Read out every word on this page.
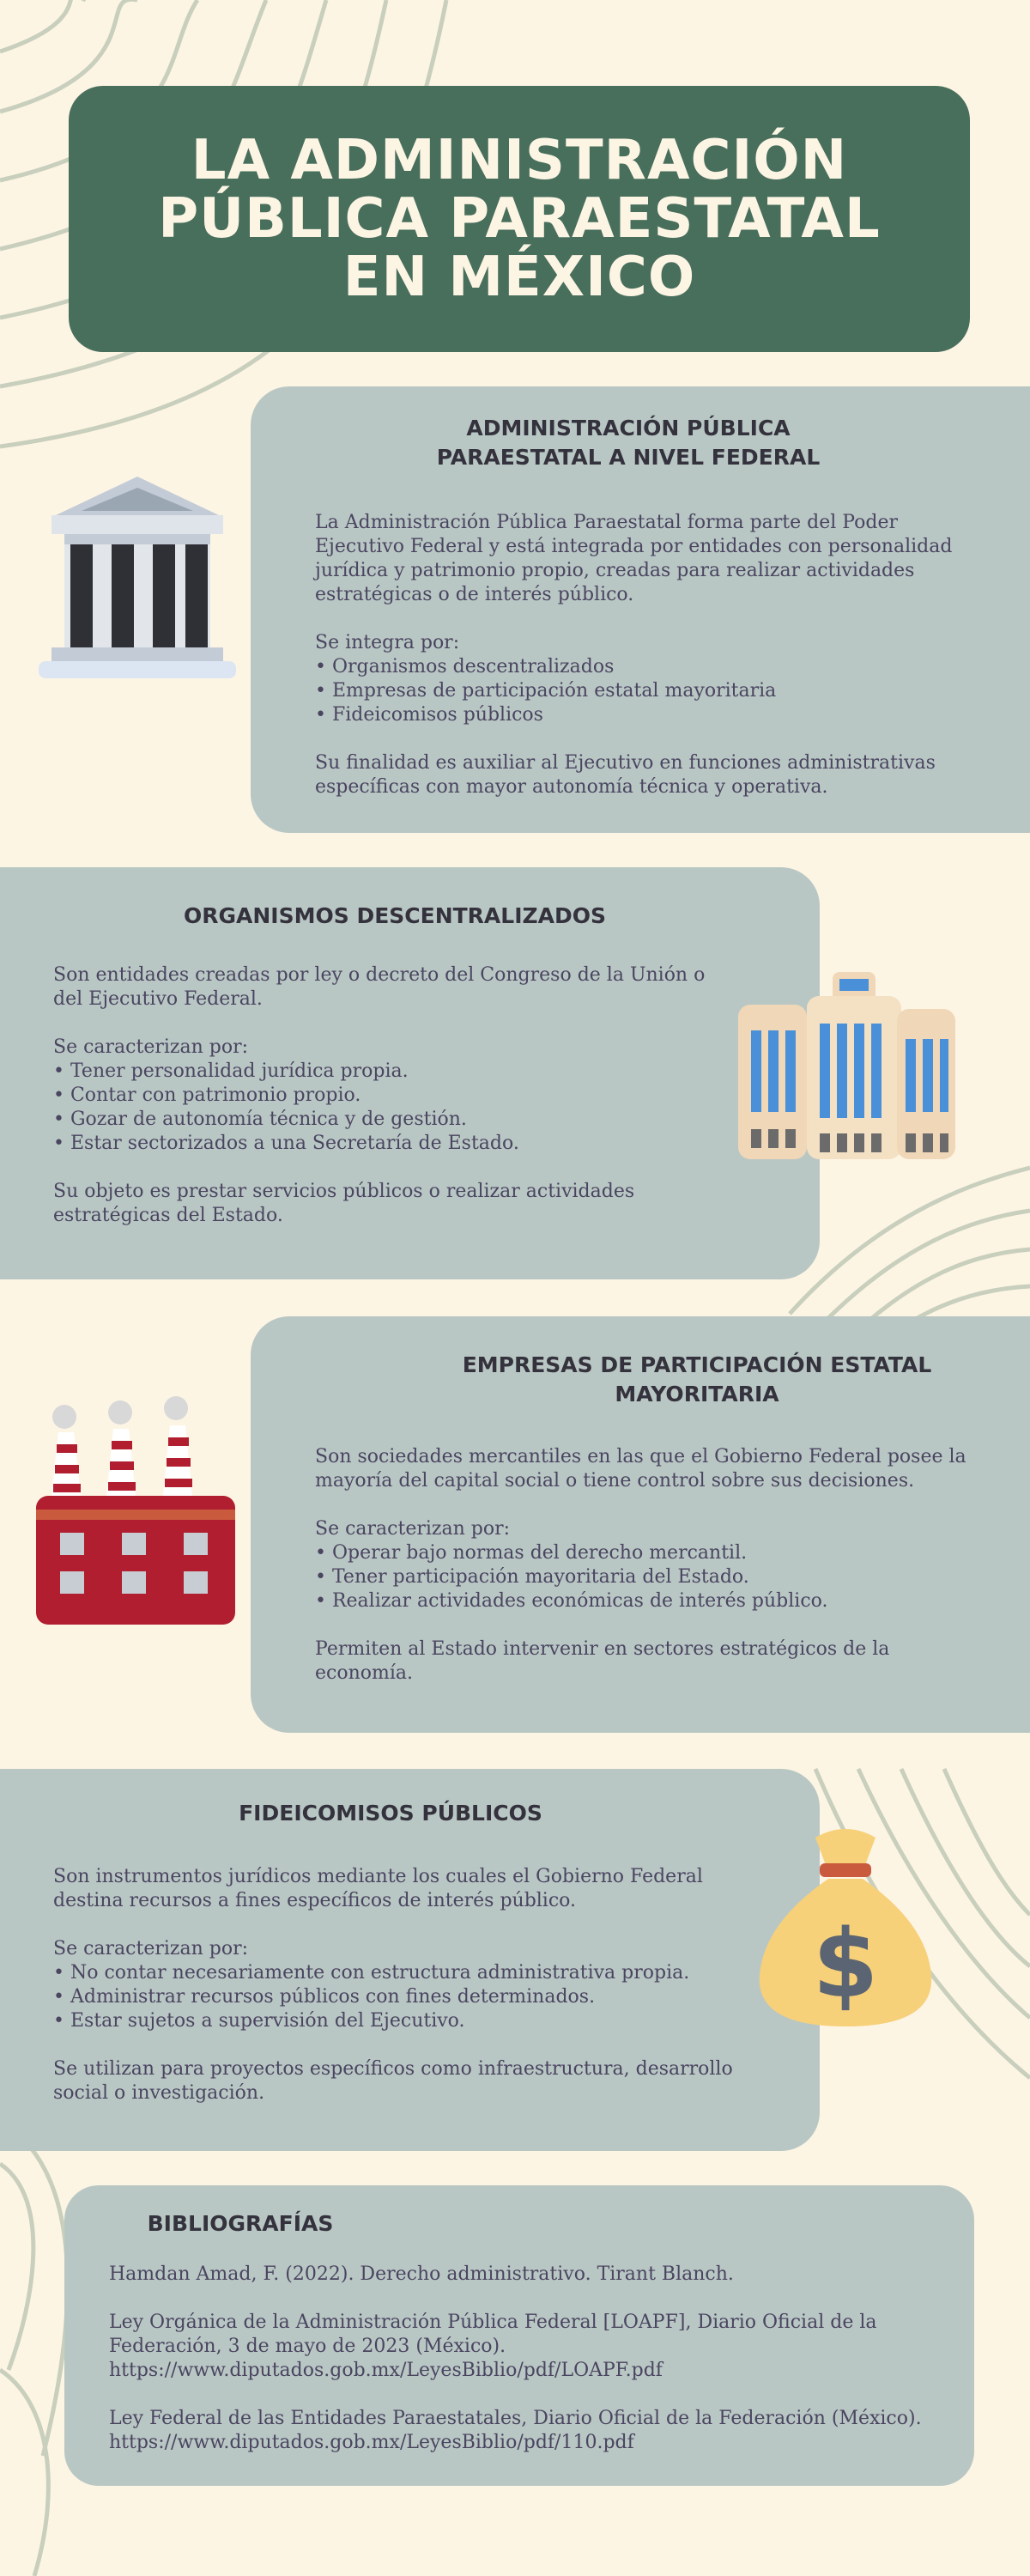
LA ADMINISTRACIÓN
PÚBLICA PARAESTATAL
EN MÉXICO
ADMINISTRACIÓN PÚBLICA
PARAESTATAL A NIVEL FEDERAL

La Administración Pública Paraestatal forma parte del Poder Ejecutivo Federal y está integrada por entidades con personalidad jurídica y patrimonio propio, creadas para realizar actividades estratégicas o de interés público.

Se integra por:
• Organismos descentralizados
• Empresas de participación estatal mayoritaria
• Fideicomisos públicos

Su finalidad es auxiliar al Ejecutivo en funciones administrativas específicas con mayor autonomía técnica y operativa.

ORGANISMOS DESCENTRALIZADOS

Son entidades creadas por ley o decreto del Congreso de la Unión o del Ejecutivo Federal.

Se caracterizan por:
• Tener personalidad jurídica propia.
• Contar con patrimonio propio.
• Gozar de autonomía técnica y de gestión.
• Estar sectorizados a una Secretaría de Estado.

Su objeto es prestar servicios públicos o realizar actividades estratégicas del Estado.

EMPRESAS DE PARTICIPACIÓN ESTATAL
MAYORITARIA

Son sociedades mercantiles en las que el Gobierno Federal posee la mayoría del capital social o tiene control sobre sus decisiones.

Se caracterizan por:
• Operar bajo normas del derecho mercantil.
• Tener participación mayoritaria del Estado.
• Realizar actividades económicas de interés público.

Permiten al Estado intervenir en sectores estratégicos de la economía.

FIDEICOMISOS PÚBLICOS

Son instrumentos jurídicos mediante los cuales el Gobierno Federal destina recursos a fines específicos de interés público.

Se caracterizan por:
• No contar necesariamente con estructura administrativa propia.
• Administrar recursos públicos con fines determinados.
• Estar sujetos a supervisión del Ejecutivo.

Se utilizan para proyectos específicos como infraestructura, desarrollo social o investigación.

$
BIBLIOGRAFÍAS

Hamdan Amad, F. (2022). Derecho administrativo. Tirant Blanch.

Ley Orgánica de la Administración Pública Federal [LOAPF], Diario Oficial de la Federación, 3 de mayo de 2023 (México). https://www.diputados.gob.mx/LeyesBiblio/pdf/LOAPF.pdf

Ley Federal de las Entidades Paraestatales, Diario Oficial de la Federación (México). https://www.diputados.gob.mx/LeyesBiblio/pdf/110.pdf
